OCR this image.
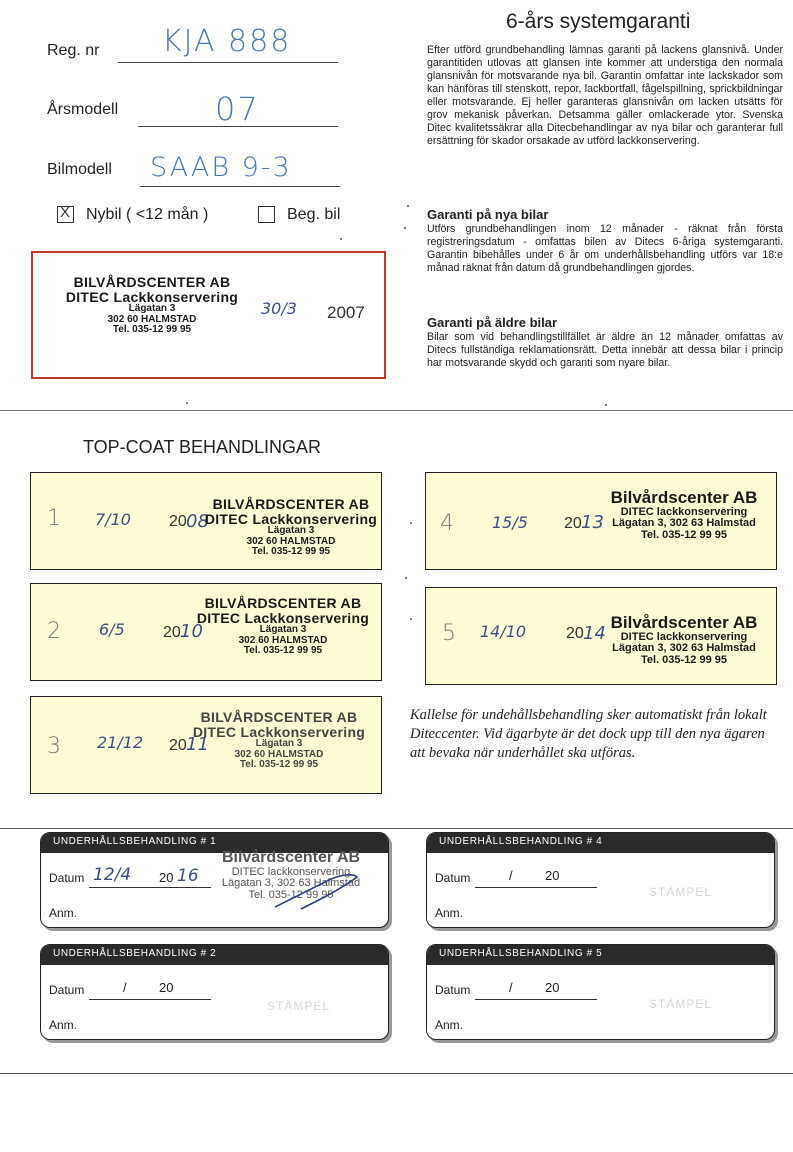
Reg. nr KJA 888
Årsmodell	07
Bilmodell SAAB 9-3
X Nybil ( <12 mån )	Beg. bil
BILVÅRDSCENTER AB
DITEC Lackkonservering
Lägatan 3
302 60 HALMSTAD
Tel. 035-12 99 95
30/3 2007
6-års systemgaranti

Efter utförd grundbehandling lämnas garanti på lackens glansnivå. Under garantitiden utlovas att glansen inte kommer att understiga den normala glansnivån för motsvarande nya bil. Garantin omfattar inte lackskador som kan hänföras till stenskott, repor, lackbortfall, fågelspillning, sprickbildningar eller motsvarande. Ej heller garanteras glansnivån om lacken utsätts för grov mekanisk påverkan. Detsamma gäller omlackerade ytor. Svenska Ditec kvalitetssäkrar alla Ditecbehandlingar av nya bilar och garanterar full ersättning för skador orsakade av utförd lackkonservering.

Garanti på nya bilar

Utförs grundbehandlingen inom 12 månader - räknat från första registreringsdatum - omfattas bilen av Ditecs 6-åriga systemgaranti. Garantin bibehålles under 6 år om underhållsbehandling utförs var 18:e månad räknat från datum då grundbehandlingen gjordes.

Garanti på äldre bilar

Bilar som vid behandlingstillfället är äldre än 12 månader omfattas av Ditecs fullständiga reklamationsrätt. Detta innebär att dessa bilar i princip har motsvarande skydd och garanti som nyare bilar.

TOP-COAT BEHANDLINGAR
1 7/10 20 08
BILVÅRDSCENTER AB
DITEC Lackkonservering
Lägatan 3
302 60 HALMSTAD
Tel. 035-12 99 95
2 6/5 20 10
BILVÅRDSCENTER AB
DITEC Lackkonservering
Lägatan 3
302 60 HALMSTAD
Tel. 035-12 99 95
3 21/12 20 11
BILVÅRDSCENTER AB
DITEC Lackkonservering
Lägatan 3
302 60 HALMSTAD
Tel. 035-12 99 95
4 15/5 20 13
Bilvårdscenter AB
DITEC lackkonservering
Lägatan 3, 302 63 Halmstad
Tel. 035-12 99 95
5 14/10 20 14
Bilvårdscenter AB
DITEC lackkonservering
Lägatan 3, 302 63 Halmstad
Tel. 035-12 99 95
Kallelse för undehållsbehandling sker automatiskt från lokalt Diteccenter. Vid ägarbyte är det dock upp till den nya ägaren att bevaka när underhållet ska utföras.
UNDERHÅLLSBEHANDLING # 1
Datum 12/4 20 16
Anm.
Bilvårdscenter AB
DITEC lackkonservering
Lägatan 3, 302 63 Halmstad
Tel. 035-12 99 95
UNDERHÅLLSBEHANDLING # 4
Datum	/ 20
Anm.
STÄMPEL
UNDERHÅLLSBEHANDLING # 2
Datum	/ 20
Anm.
STÄMPEL
UNDERHÅLLSBEHANDLING # 5
Datum	/ 20
Anm.
STÄMPEL
